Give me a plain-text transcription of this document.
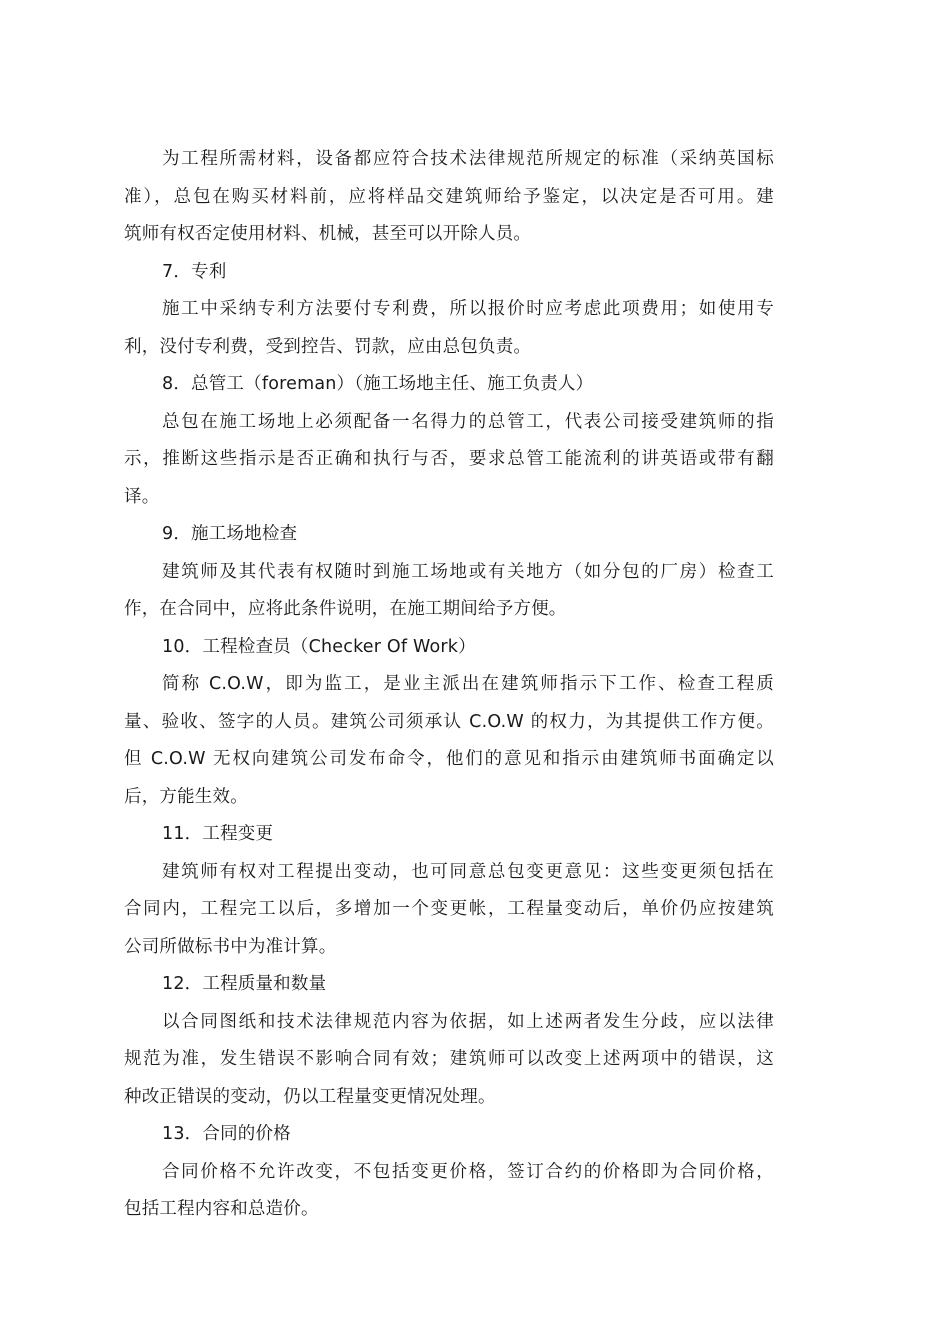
为工程所需材料，设备都应符合技术法律规范所规定的标准（采纳英国标
准），总包在购买材料前，应将样品交建筑师给予鉴定，以决定是否可用。建
筑师有权否定使用材料、机械，甚至可以开除人员。
7．专利
施工中采纳专利方法要付专利费，所以报价时应考虑此项费用；如使用专
利，没付专利费，受到控告、罚款，应由总包负责。
8．总管工（foreman）（施工场地主任、施工负责人）
总包在施工场地上必须配备一名得力的总管工，代表公司接受建筑师的指
示，推断这些指示是否正确和执行与否，要求总管工能流利的讲英语或带有翻
译。
9．施工场地检查
建筑师及其代表有权随时到施工场地或有关地方（如分包的厂房）检查工
作，在合同中，应将此条件说明，在施工期间给予方便。
10．工程检查员（Checker Of Work）
简称 C.O.W，即为监工，是业主派出在建筑师指示下工作、检查工程质
量、验收、签字的人员。建筑公司须承认 C.O.W 的权力，为其提供工作方便。
但 C.O.W 无权向建筑公司发布命令，他们的意见和指示由建筑师书面确定以
后，方能生效。
11．工程变更
建筑师有权对工程提出变动，也可同意总包变更意见：这些变更须包括在
合同内，工程完工以后，多增加一个变更帐，工程量变动后，单价仍应按建筑
公司所做标书中为准计算。
12．工程质量和数量
以合同图纸和技术法律规范内容为依据，如上述两者发生分歧，应以法律
规范为准，发生错误不影响合同有效；建筑师可以改变上述两项中的错误，这
种改正错误的变动，仍以工程量变更情况处理。
13．合同的价格
合同价格不允许改变，不包括变更价格，签订合约的价格即为合同价格，
包括工程内容和总造价。
